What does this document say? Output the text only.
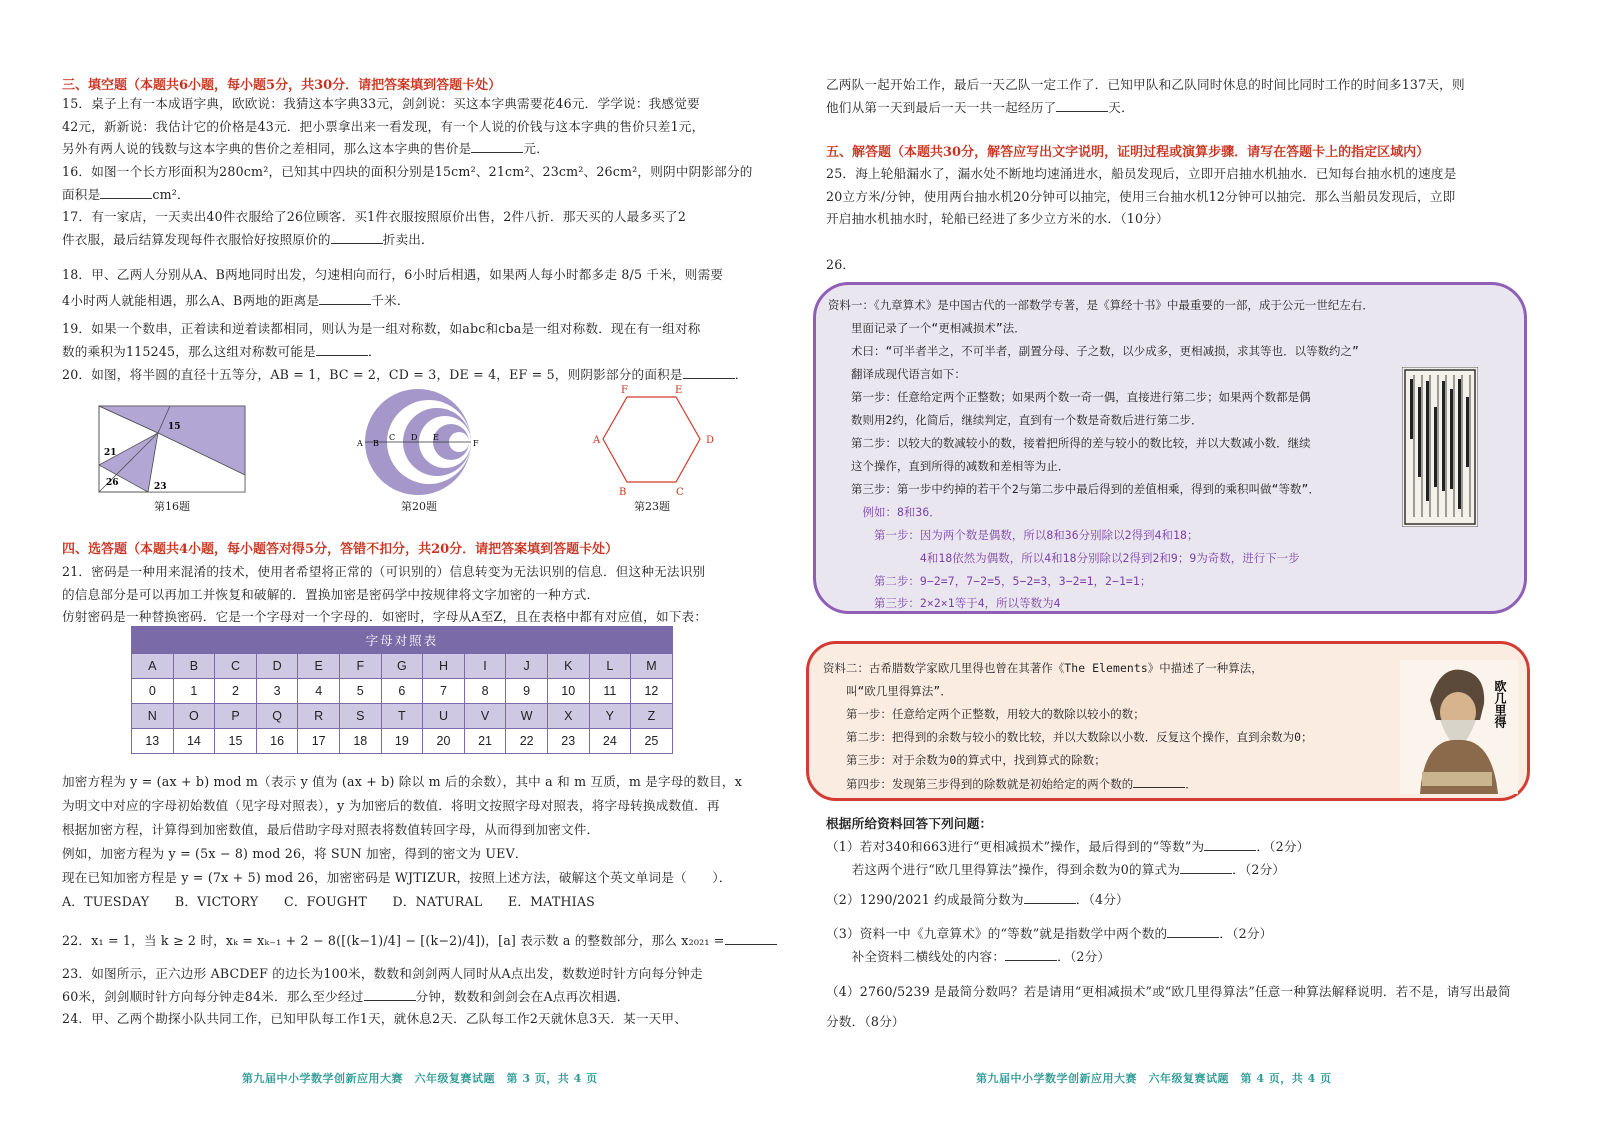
三、填空题（本题共6小题，每小题5分，共30分．请把答案填到答题卡处）

15．桌子上有一本成语字典，欧欧说：我猜这本字典33元，剑剑说：买这本字典需要花46元．学学说：我感觉要

42元，新新说：我估计它的价格是43元．把小票拿出来一看发现，有一个人说的价钱与这本字典的售价只差1元，

另外有两人说的钱数与这本字典的售价之差相同，那么这本字典的售价是	元．

16．如图一个长方形面积为280cm²，已知其中四块的面积分别是15cm²、21cm²、23cm²、26cm²，则阴中阴影部分的

面积是	cm²．

17．有一家店，一天卖出40件衣服给了26位顾客．买1件衣服按照原价出售，2件八折．那天买的人最多买了2

件衣服，最后结算发现每件衣服恰好按照原价的	折卖出．

18．甲、乙两人分别从A、B两地同时出发，匀速相向而行，6小时后相遇，如果两人每小时都多走 8/5 千米，则需要

4小时两人就能相遇，那么A、B两地的距离是	千米．

19．如果一个数串，正着读和逆着读都相同，则认为是一组对称数，如abc和cba是一组对称数．现在有一组对称

数的乘积为115245，那么这组对称数可能是	．

20．如图，将半圆的直径十五等分，AB = 1，BC = 2，CD = 3，DE = 4，EF = 5，则阴影部分的面积是	．

15
21
26	23
第16题
A B
C D E
F
第20题
A
B	C
D
E
F
第23题
四、选答题（本题共4小题，每小题答对得5分，答错不扣分，共20分．请把答案填到答题卡处）

21．密码是一种用来混淆的技术，使用者希望将正常的（可识别的）信息转变为无法识别的信息．但这种无法识别

的信息部分是可以再加工并恢复和破解的．置换加密是密码学中按规律将文字加密的一种方式．

仿射密码是一种替换密码．它是一个字母对一个字母的．如密时，字母从A至Z，且在表格中都有对应值，如下表：

字母对照表												
A	B	C	D	E	F	G	H	I	J	K	L	M
0	1	2	3	4	5	6	7	8	9	10	11	12
N	O	P	Q	R	S	T	U	V	W	X	Y	Z
13	14	15	16	17	18	19	20	21	22	23	24	25

加密方程为 y = (ax + b) mod m（表示 y 值为 (ax + b) 除以 m 后的余数），其中 a 和 m 互质，m 是字母的数目，x

为明文中对应的字母初始数值（见字母对照表），y 为加密后的数值．将明文按照字母对照表，将字母转换成数值．再

根据加密方程，计算得到加密数值，最后借助字母对照表将数值转回字母，从而得到加密文件．

例如，加密方程为 y = (5x − 8) mod 26，将 SUN 加密，得到的密文为 UEV．

现在已知加密方程是 y = (7x + 5) mod 26，加密密码是 WJTIZUR，按照上述方法，破解这个英文单词是（　　）．

A．TUESDAY　　B．VICTORY　　C．FOUGHT　　D．NATURAL　　E．MATHIAS

22．x₁ = 1，当 k ≥ 2 时，xₖ = xₖ₋₁ + 2 − 8([(k−1)/4] − [(k−2)/4])，[a] 表示数 a 的整数部分，那么 x₂₀₂₁ =

23．如图所示，正六边形 ABCDEF 的边长为100米，数数和剑剑两人同时从A点出发，数数逆时针方向每分钟走

60米，剑剑顺时针方向每分钟走84米．那么至少经过	分钟，数数和剑剑会在A点再次相遇．

24．甲、乙两个勘探小队共同工作，已知甲队每工作1天，就休息2天．乙队每工作2天就休息3天．某一天甲、

第九届中小学数学创新应用大赛　六年级复赛试题　第 3 页，共 4 页

乙两队一起开始工作，最后一天乙队一定工作了．已知甲队和乙队同时休息的时间比同时工作的时间多137天，则

他们从第一天到最后一天一共一起经历了	天．

五、解答题（本题共30分，解答应写出文字说明，证明过程或演算步骤．请写在答题卡上的指定区域内）

25．海上轮船漏水了，漏水处不断地均速涌进水，船员发现后，立即开启抽水机抽水．已知每台抽水机的速度是

20立方米/分钟，使用两台抽水机20分钟可以抽完，使用三台抽水机12分钟可以抽完．那么当船员发现后，立即

开启抽水机抽水时，轮船已经进了多少立方米的水．（10分）

26．
第九届中小学数学创新应用大赛　六年级复赛试题　第 4 页，共 4 页
资料一：《九章算术》是中国古代的一部数学专著，是《算经十书》中最重要的一部，成于公元一世纪左右．
　　里面记录了一个“更相减损术”法．
　　术曰：“可半者半之，不可半者，副置分母、子之数，以少成多，更相减损，求其等也．以等数约之”
　　翻译成现代语言如下：
　　第一步：任意给定两个正整数；如果两个数一奇一偶，直接进行第二步；如果两个数都是偶
　　数则用2约，化简后，继续判定，直到有一个数是奇数后进行第二步．
　　第二步：以较大的数减较小的数，接着把所得的差与较小的数比较，并以大数减小数．继续
　　这个操作，直到所得的减数和差相等为止．
　　第三步：第一步中约掉的若干个2与第二步中最后得到的差值相乘，得到的乘积叫做“等数”．
　　　例如：8和36．
　　　　第一步：因为两个数是偶数，所以8和36分别除以2得到4和18；
　　　　　　　　4和18依然为偶数，所以4和18分别除以2得到2和9；9为奇数，进行下一步
　　　　第二步：9−2=7，7−2=5，5−2=3，3−2=1，2−1=1；
　　　　第三步：2×2×1等于4，所以等数为4
资料二：古希腊数学家欧几里得也曾在其著作《The Elements》中描述了一种算法，
　　叫“欧几里得算法”．
　　第一步：任意给定两个正整数，用较大的数除以较小的数；
　　第二步：把得到的余数与较小的数比较，并以大数除以小数．反复这个操作，直到余数为0；
　　第三步：对于余数为0的算式中，找到算式的除数；
　　第四步：发现第三步得到的除数就是初始给定的两个数的	．
欧几里得
根据所给资料回答下列问题：

（1）若对340和663进行“更相减损术”操作，最后得到的“等数”为	．（2分）

　　若这两个进行“欧几里得算法”操作，得到余数为0的算式为	．（2分）

（2）1290/2021 约成最简分数为	．（4分）

（3）资料一中《九章算术》的“等数”就是指数学中两个数的	．（2分）

　　补全资料二横线处的内容：	．（2分）

（4）2760/5239 是最简分数吗？若是请用“更相减损术”或“欧几里得算法”任意一种算法解释说明．若不是，请写出最简

分数．（8分）
